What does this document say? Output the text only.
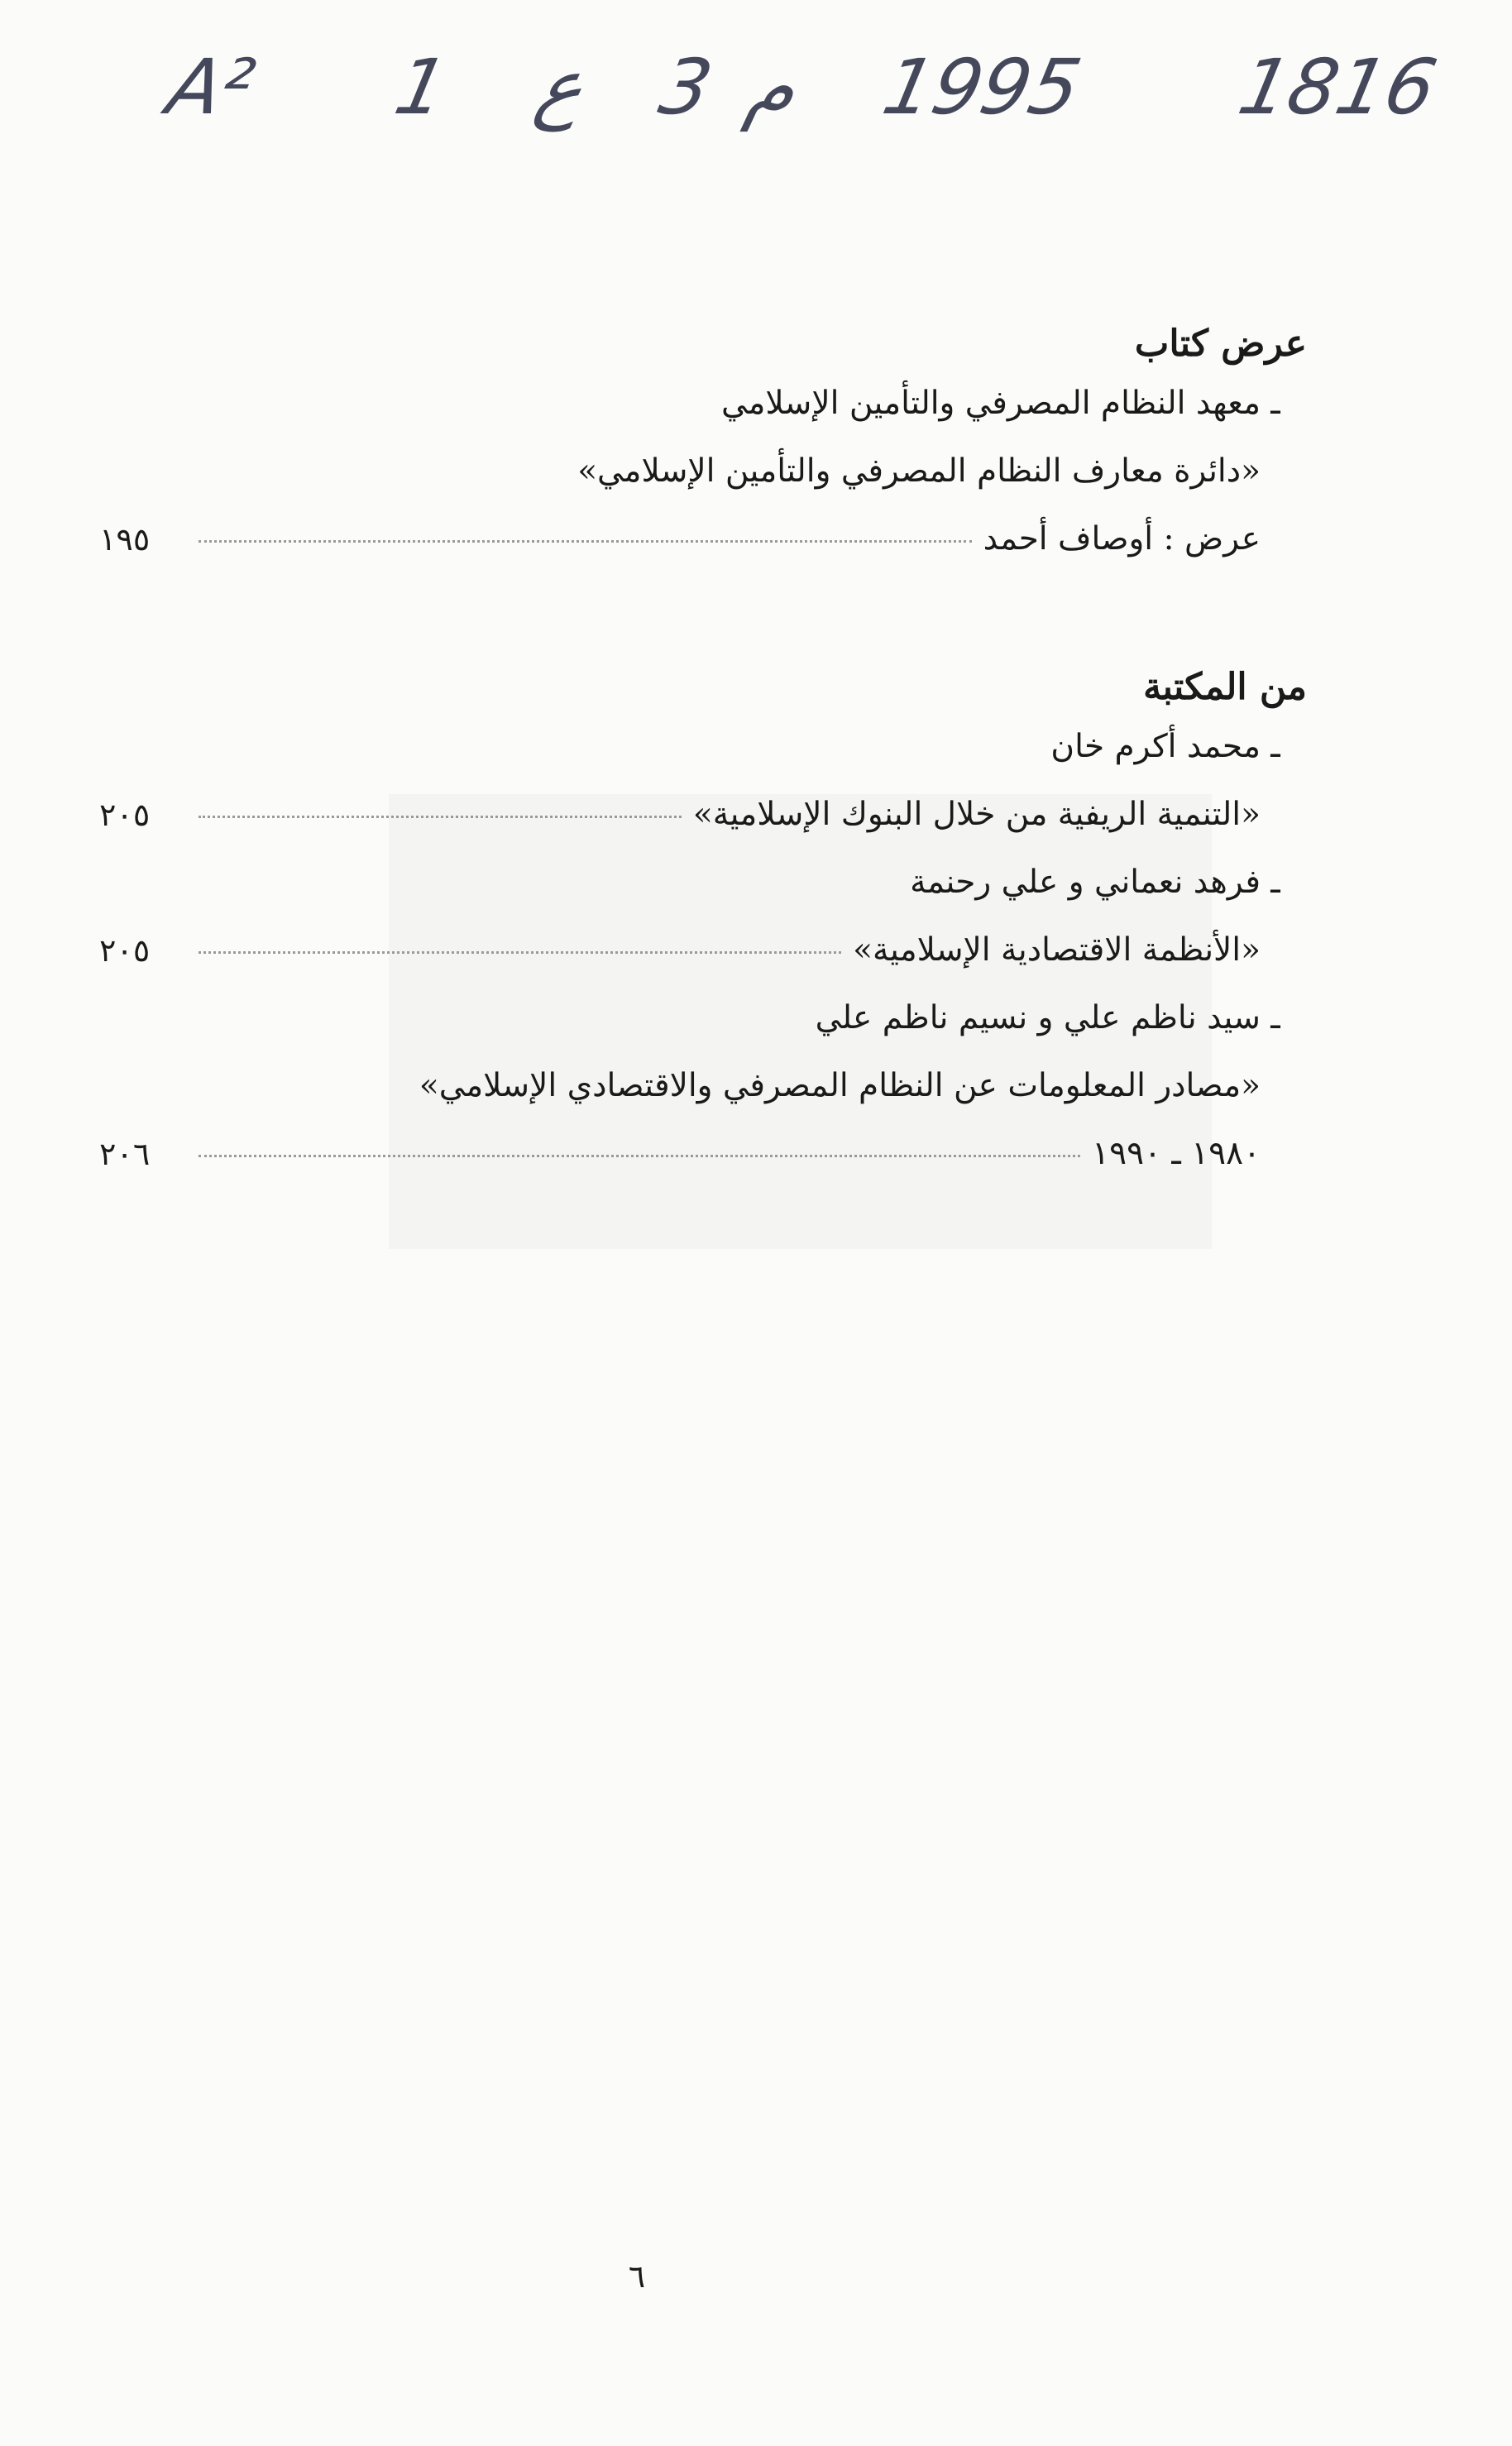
A² 1 ع 3 م 1995 1816
عرض كتاب
ـمعهد النظام المصرفي والتأمين الإسلامي
«دائرة معارف النظام المصرفي والتأمين الإسلامي»
عرض : أوصاف أحمد
١٩٥
من المكتبة
ـمحمد أكرم خان
«التنمية الريفية من خلال البنوك الإسلامية»
٢٠٥
ـفرهد نعماني و علي رحنمة
«الأنظمة الاقتصادية الإسلامية»
٢٠٥
ـسيد ناظم علي و نسيم ناظم علي
«مصادر المعلومات عن النظام المصرفي والاقتصادي الإسلامي»
١٩٨٠ ـ ١٩٩٠
٢٠٦
٦
